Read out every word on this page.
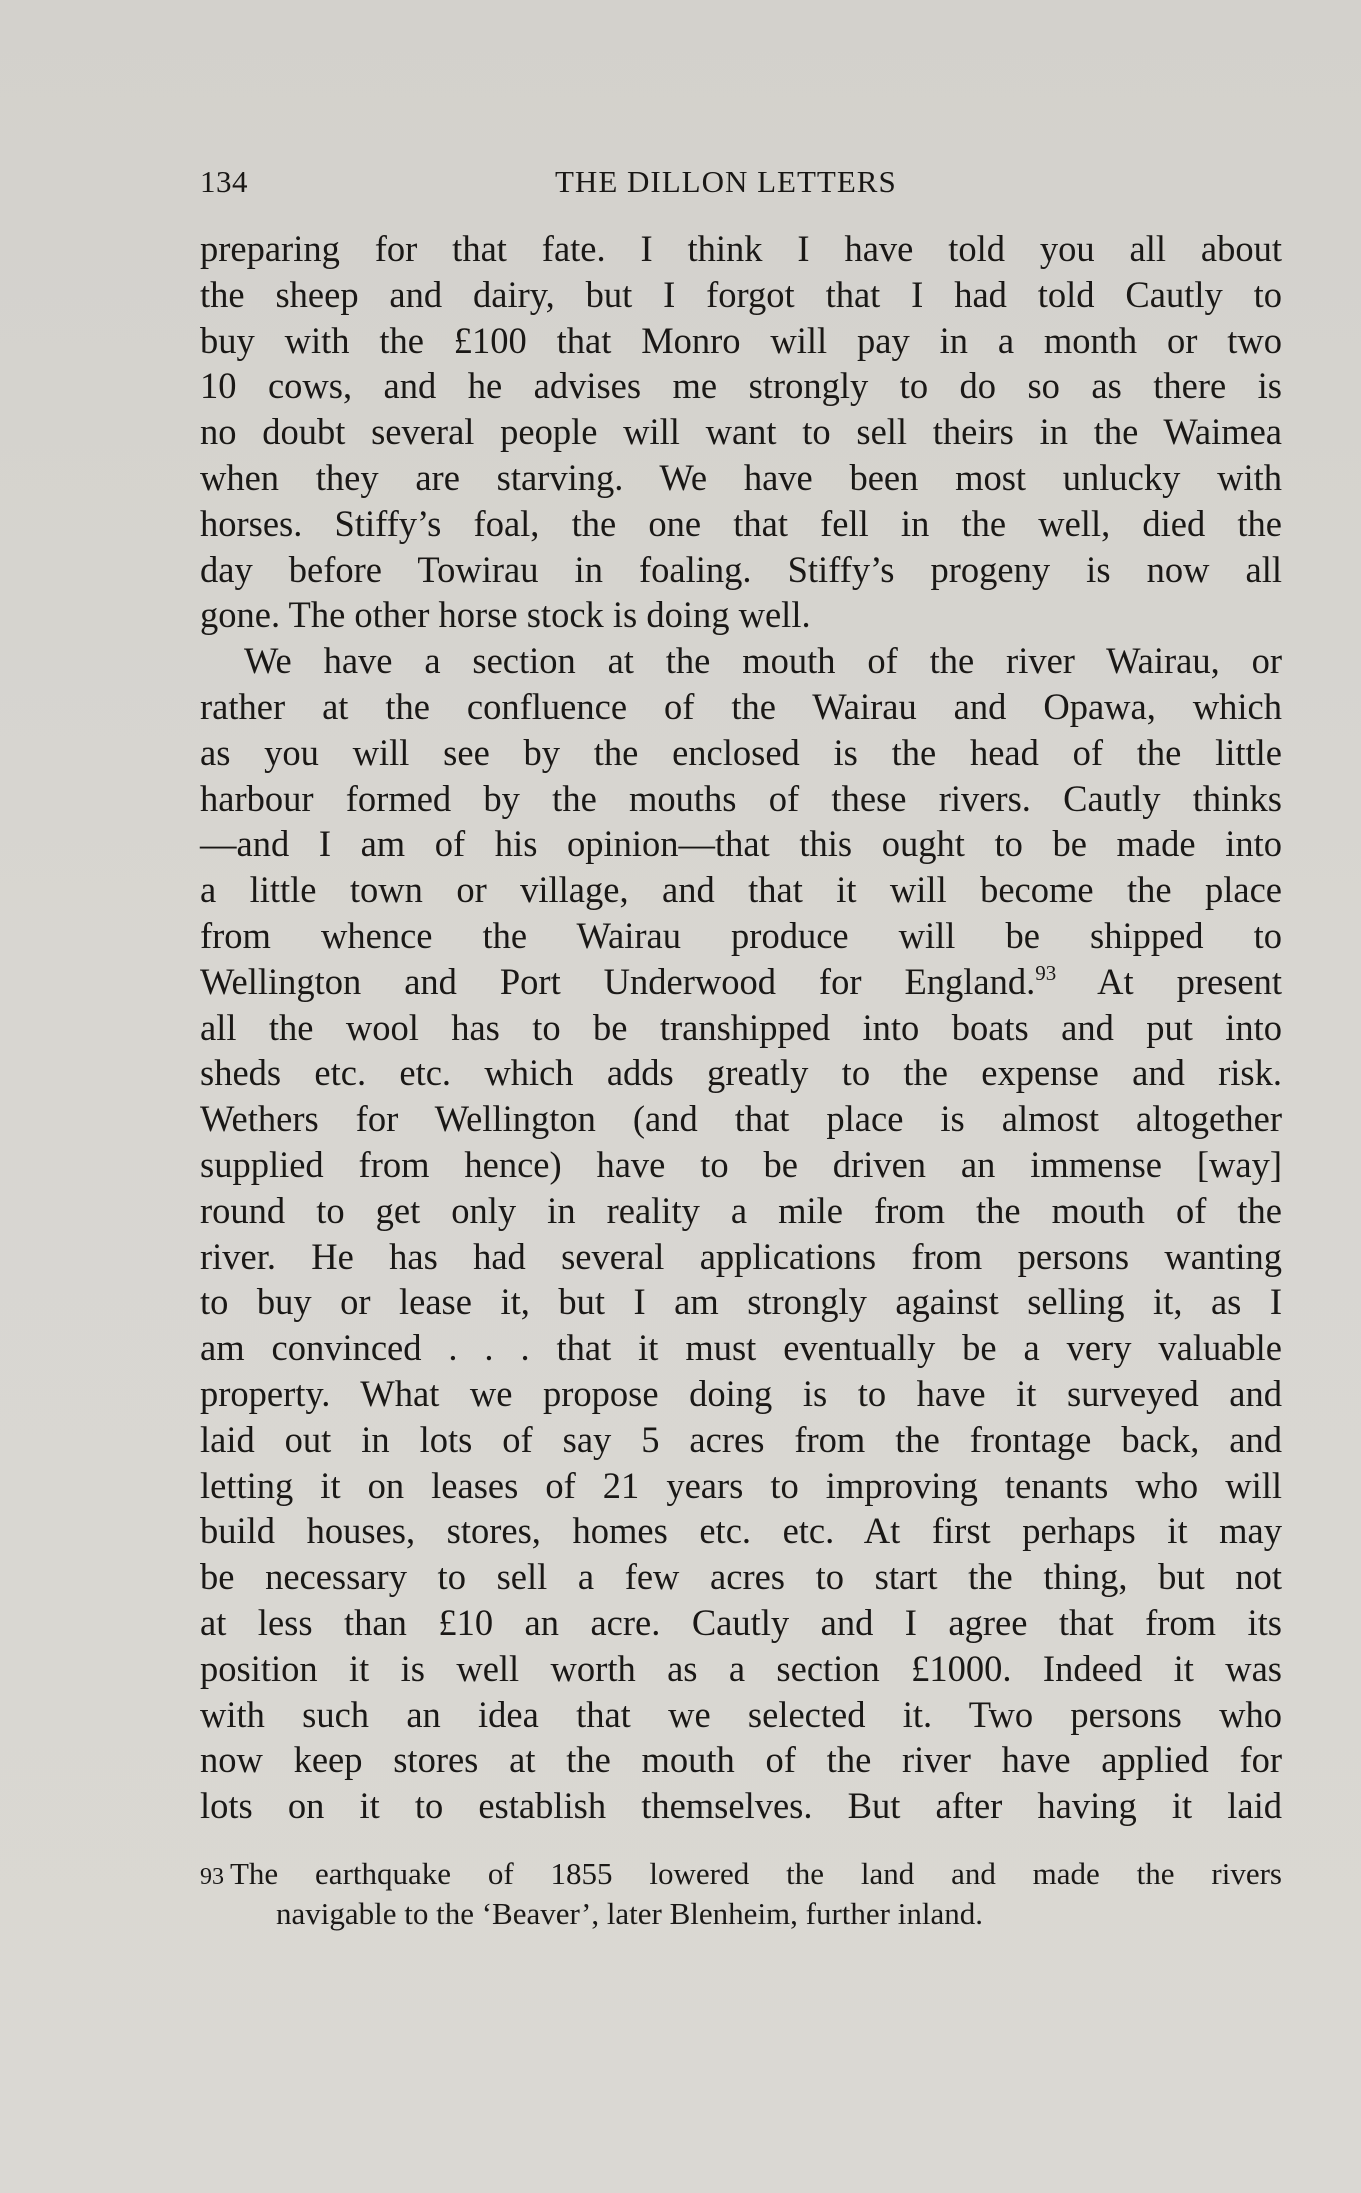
134	THE DILLON LETTERS
preparing for that fate. I think I have told you all about
the sheep and dairy, but I forgot that I had told Cautly to
buy with the £100 that Monro will pay in a month or two
10 cows, and he advises me strongly to do so as there is
no doubt several people will want to sell theirs in the Waimea
when they are starving. We have been most unlucky with
horses. Stiffy’s foal, the one that fell in the well, died the
day before Towirau in foaling. Stiffy’s progeny is now all
gone. The other horse stock is doing well.
We have a section at the mouth of the river Wairau, or
rather at the confluence of the Wairau and Opawa, which
as you will see by the enclosed is the head of the little
harbour formed by the mouths of these rivers. Cautly thinks
—and I am of his opinion—that this ought to be made into
a little town or village, and that it will become the place
from whence the Wairau produce will be shipped to
Wellington and Port Underwood for England.$^{93}$ At present
all the wool has to be transhipped into boats and put into
sheds etc. etc. which adds greatly to the expense and risk.
Wethers for Wellington (and that place is almost altogether
supplied from hence) have to be driven an immense [way]
round to get only in reality a mile from the mouth of the
river. He has had several applications from persons wanting
to buy or lease it, but I am strongly against selling it, as I
am convinced . . . that it must eventually be a very valuable
property. What we propose doing is to have it surveyed and
laid out in lots of say 5 acres from the frontage back, and
letting it on leases of 21 years to improving tenants who will
build houses, stores, homes etc. etc. At first perhaps it may
be necessary to sell a few acres to start the thing, but not
at less than £10 an acre. Cautly and I agree that from its
position it is well worth as a section £1000. Indeed it was
with such an idea that we selected it. Two persons who
now keep stores at the mouth of the river have applied for
lots on it to establish themselves. But after having it laid
93 The earthquake of 1855 lowered the land and made the rivers
navigable to the ‘Beaver’, later Blenheim, further inland.
